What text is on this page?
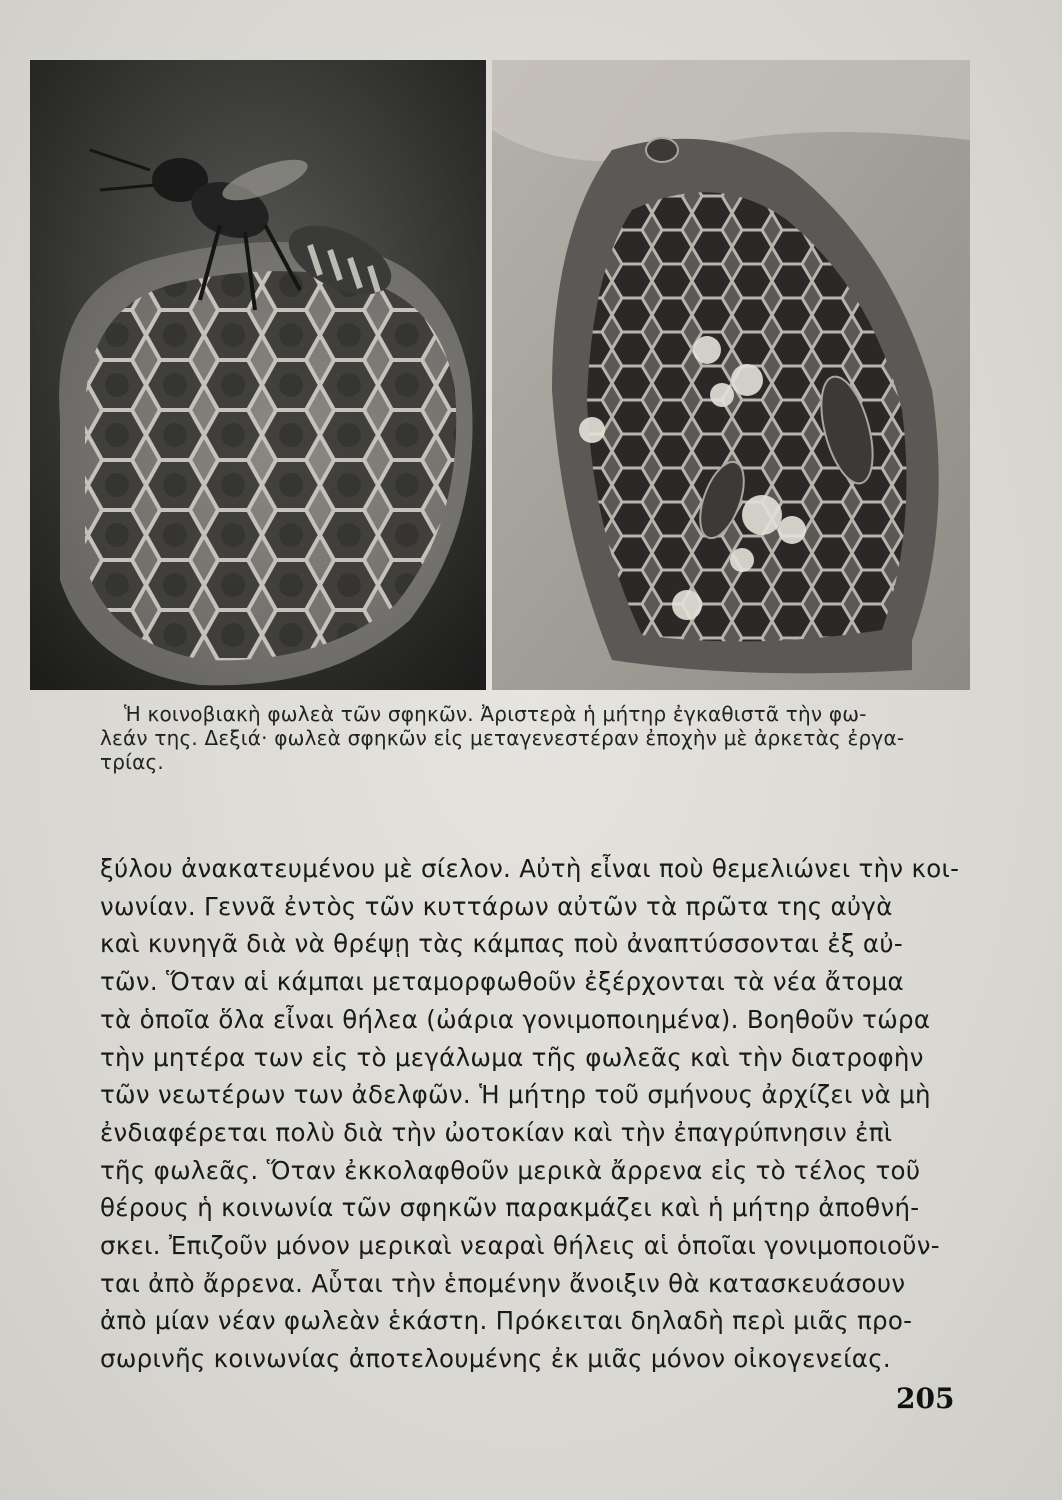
Ἡ κοινοβιακὴ φωλεὰ τῶν σφηκῶν. Ἀριστερὰ ἡ μήτηρ ἐγκαθιστᾶ τὴν φω-
λεάν της. Δεξιά· φωλεὰ σφηκῶν εἰς μεταγενεστέραν ἐποχὴν μὲ ἀρκετὰς ἐργα-
τρίας.
ξύλου ἀνακατευμένου μὲ σίελον. Αὐτὴ εἶναι ποὺ θεμελιώνει τὴν κοι-
νωνίαν. Γεννᾶ ἐντὸς τῶν κυττάρων αὐτῶν τὰ πρῶτα της αὐγὰ
καὶ κυνηγᾶ διὰ νὰ θρέψῃ τὰς κάμπας ποὺ ἀναπτύσσονται ἐξ αὐ-
τῶν. Ὅταν αἱ κάμπαι μεταμορφωθοῦν ἐξέρχονται τὰ νέα ἄτομα
τὰ ὁποῖα ὅλα εἶναι θήλεα (ὠάρια γονιμοποιημένα). Βοηθοῦν τώρα
τὴν μητέρα των εἰς τὸ μεγάλωμα τῆς φωλεᾶς καὶ τὴν διατροφὴν
τῶν νεωτέρων των ἀδελφῶν. Ἡ μήτηρ τοῦ σμήνους ἀρχίζει νὰ μὴ
ἐνδιαφέρεται πολὺ διὰ τὴν ὠοτοκίαν καὶ τὴν ἐπαγρύπνησιν ἐπὶ
τῆς φωλεᾶς. Ὅταν ἐκκολαφθοῦν μερικὰ ἄρρενα εἰς τὸ τέλος τοῦ
θέρους ἡ κοινωνία τῶν σφηκῶν παρακμάζει καὶ ἡ μήτηρ ἀποθνή-
σκει. Ἐπιζοῦν μόνον μερικαὶ νεαραὶ θήλεις αἱ ὁποῖαι γονιμοποιοῦν-
ται ἀπὸ ἄρρενα. Αὗται τὴν ἑπομένην ἄνοιξιν θὰ κατασκευάσουν
ἀπὸ μίαν νέαν φωλεὰν ἑκάστη. Πρόκειται δηλαδὴ περὶ μιᾶς προ-
σωρινῆς κοινωνίας ἀποτελουμένης ἐκ μιᾶς μόνον οἰκογενείας.
205
